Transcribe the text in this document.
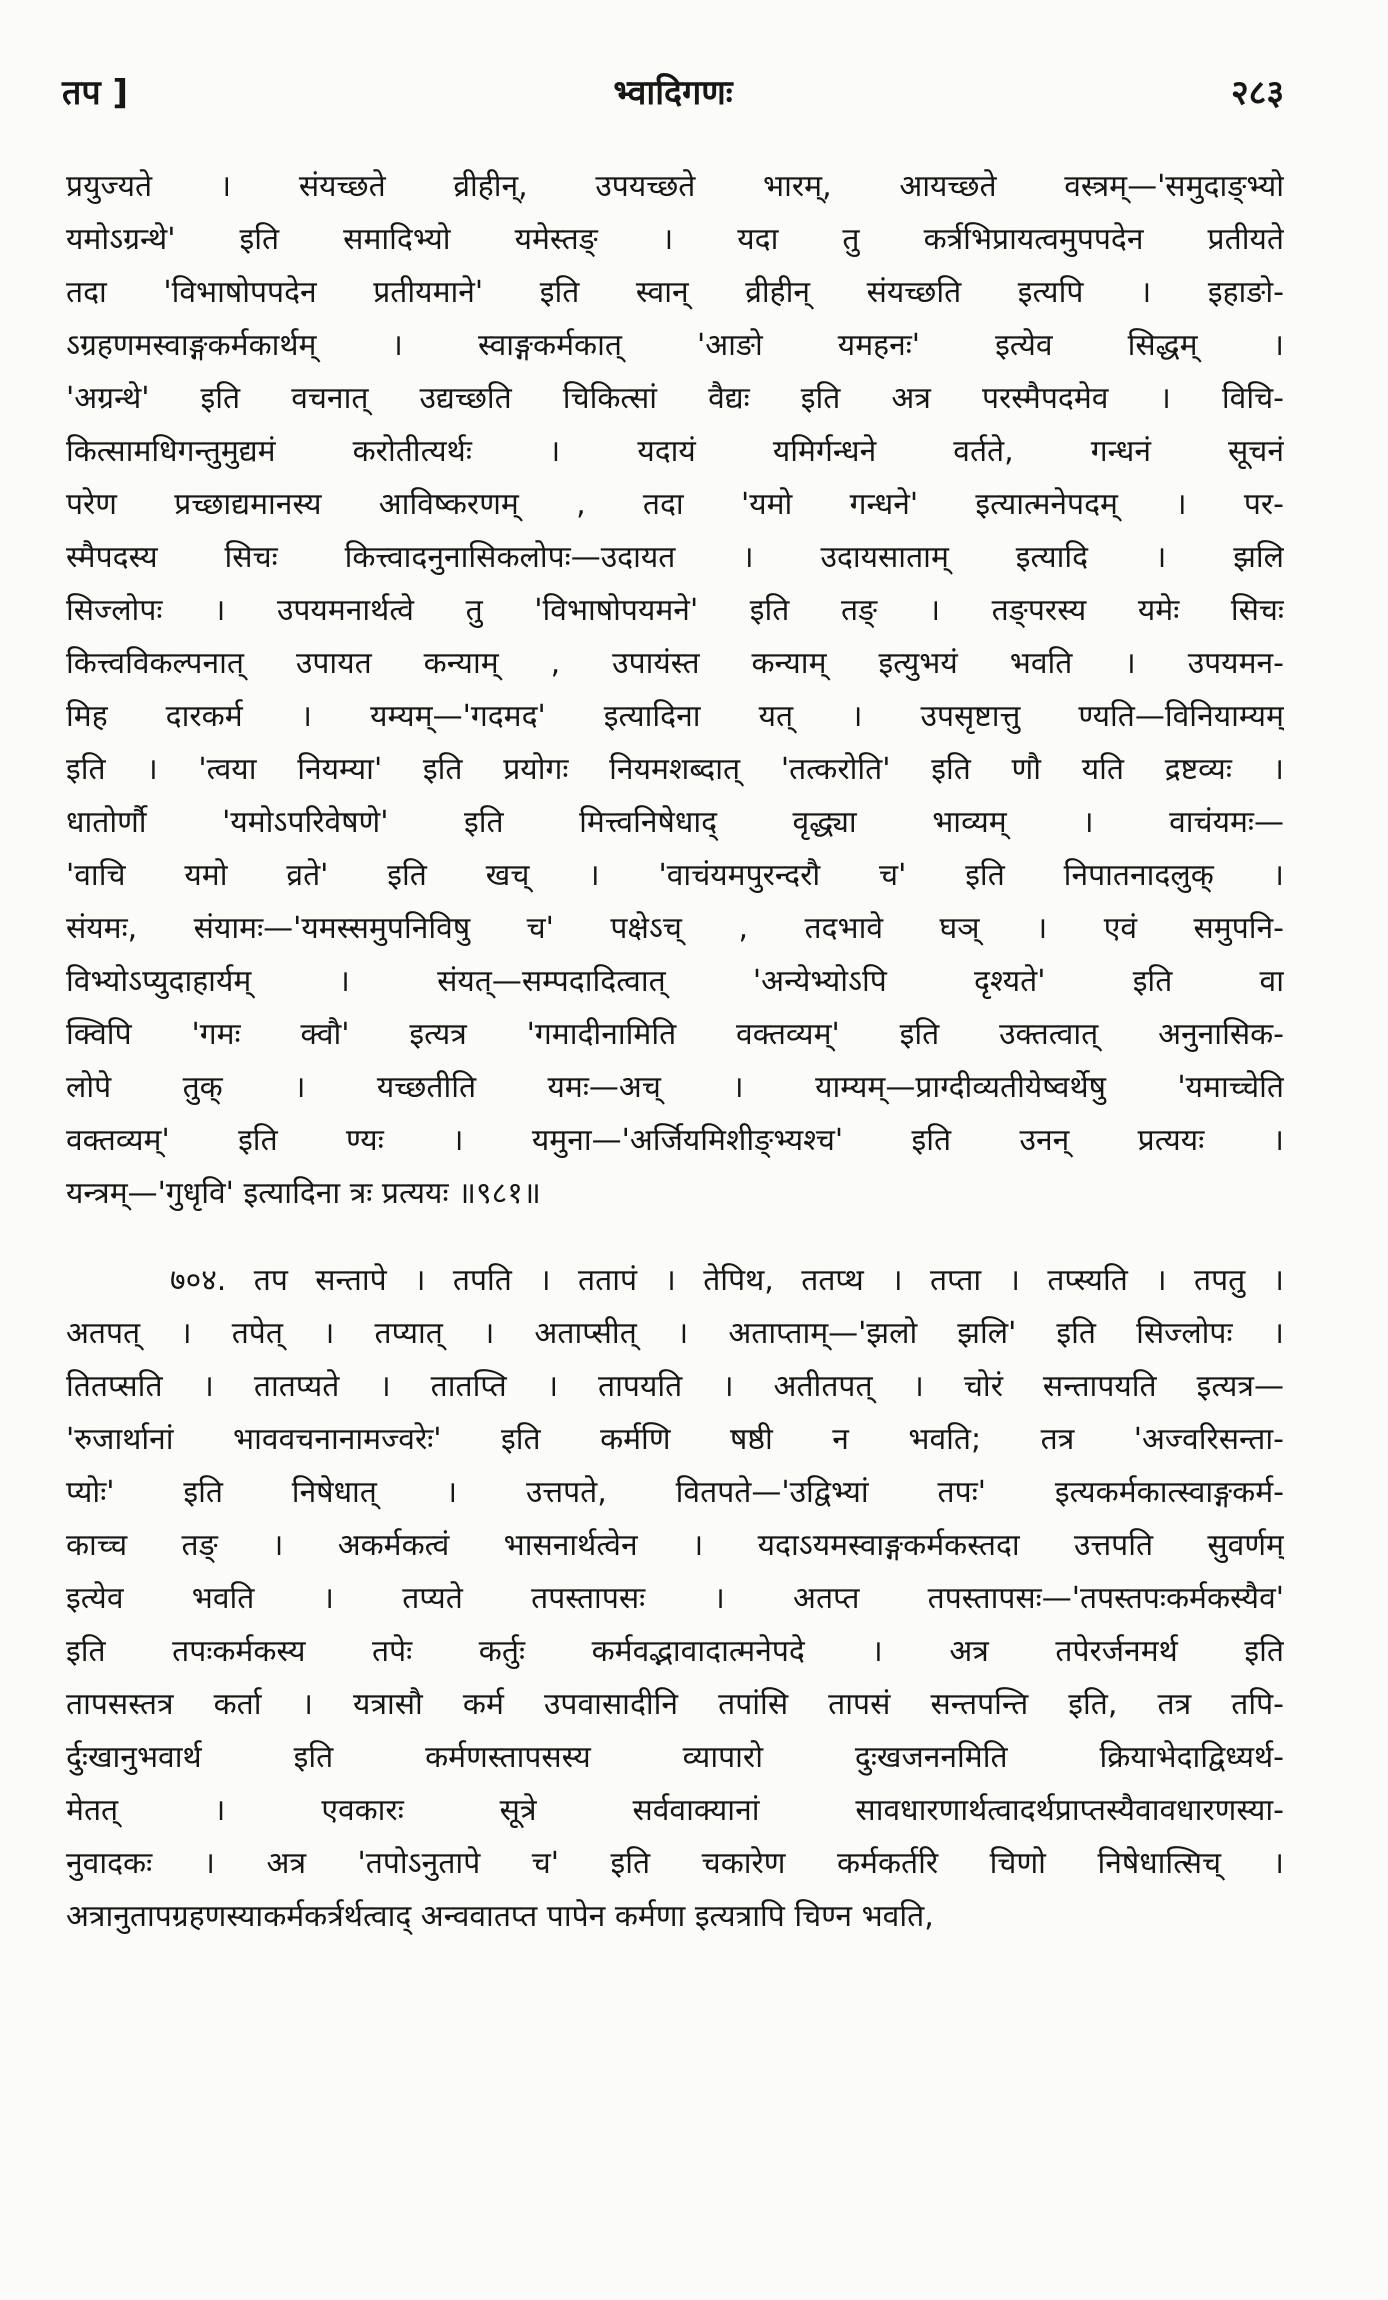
तप ]	भ्वादिगणः	२८३
प्रयुज्यते । संयच्छते व्रीहीन्, उपयच्छते भारम्, आयच्छते वस्त्रम्—'समुदाङ्भ्यो
यमोऽग्रन्थे' इति समादिभ्यो यमेस्तङ् । यदा तु कर्त्रभिप्रायत्वमुपपदेन प्रतीयते
तदा 'विभाषोपपदेन प्रतीयमाने' इति स्वान् व्रीहीन् संयच्छति इत्यपि । इहाङो-
ऽग्रहणमस्वाङ्गकर्मकार्थम् । स्वाङ्गकर्मकात् 'आङो यमहनः' इत्येव सिद्धम् ।
'अग्रन्थे' इति वचनात् उद्यच्छति चिकित्सां वैद्यः इति अत्र परस्मैपदमेव । विचि-
कित्सामधिगन्तुमुद्यमं करोतीत्यर्थः । यदायं यमिर्गन्धने वर्तते, गन्धनं सूचनं
परेण प्रच्छाद्यमानस्य आविष्करणम् , तदा 'यमो गन्धने' इत्यात्मनेपदम् । पर-
स्मैपदस्य सिचः कित्त्वादनुनासिकलोपः—उदायत । उदायसाताम् इत्यादि । झलि
सिज्लोपः । उपयमनार्थत्वे तु 'विभाषोपयमने' इति तङ् । तङ्परस्य यमेः सिचः
कित्त्वविकल्पनात् उपायत कन्याम् , उपायंस्त कन्याम् इत्युभयं भवति । उपयमन-
मिह दारकर्म । यम्यम्—'गदमद' इत्यादिना यत् । उपसृष्टात्तु ण्यति—विनियाम्यम्
इति । 'त्वया नियम्या' इति प्रयोगः नियमशब्दात् 'तत्करोति' इति णौ यति द्रष्टव्यः ।
धातोर्णौ 'यमोऽपरिवेषणे' इति मित्त्वनिषेधाद् वृद्ध्या भाव्यम् । वाचंयमः—
'वाचि यमो व्रते' इति खच् । 'वाचंयमपुरन्दरौ च' इति निपातनादलुक् ।
संयमः, संयामः—'यमस्समुपनिविषु च' पक्षेऽच् , तदभावे घञ् । एवं समुपनि-
विभ्योऽप्युदाहार्यम् । संयत्—सम्पदादित्वात् 'अन्येभ्योऽपि दृश्यते' इति वा
क्विपि 'गमः क्वौ' इत्यत्र 'गमादीनामिति वक्तव्यम्' इति उक्तत्वात् अनुनासिक-
लोपे तुक् । यच्छतीति यमः—अच् । याम्यम्—प्राग्दीव्यतीयेष्वर्थेषु 'यमाच्चेति
वक्तव्यम्' इति ण्यः । यमुना—'अर्जियमिशीङ्भ्यश्च' इति उनन् प्रत्ययः ।
यन्त्रम्—'गुधृवि' इत्यादिना त्रः प्रत्ययः ॥९८१॥
७०४. तप सन्तापे । तपति । ततापं । तेपिथ, ततप्थ । तप्ता । तप्स्यति । तपतु ।
अतपत् । तपेत् । तप्यात् । अताप्सीत् । अताप्ताम्—'झलो झलि' इति सिज्लोपः ।
तितप्सति । तातप्यते । तातप्ति । तापयति । अतीतपत् । चोरं सन्तापयति इत्यत्र—
'रुजार्थानां भाववचनानामज्वरेः' इति कर्मणि षष्ठी न भवति; तत्र 'अज्वरिसन्ता-
प्योः' इति निषेधात् । उत्तपते, वितपते—'उद्विभ्यां तपः' इत्यकर्मकात्स्वाङ्गकर्म-
काच्च तङ् । अकर्मकत्वं भासनार्थत्वेन । यदाऽयमस्वाङ्गकर्मकस्तदा उत्तपति सुवर्णम्
इत्येव भवति । तप्यते तपस्तापसः । अतप्त तपस्तापसः—'तपस्तपःकर्मकस्यैव'
इति तपःकर्मकस्य तपेः कर्तुः कर्मवद्भावादात्मनेपदे । अत्र तपेरर्जनमर्थ इति
तापसस्तत्र कर्ता । यत्रासौ कर्म उपवासादीनि तपांसि तापसं सन्तपन्ति इति, तत्र तपि-
र्दुःखानुभवार्थ इति कर्मणस्तापसस्य व्यापारो दुःखजननमिति क्रियाभेदाद्विध्यर्थ-
मेतत् । एवकारः सूत्रे सर्ववाक्यानां सावधारणार्थत्वादर्थप्राप्तस्यैवावधारणस्या-
नुवादकः । अत्र 'तपोऽनुतापे च' इति चकारेण कर्मकर्तरि चिणो निषेधात्सिच् ।
अत्रानुतापग्रहणस्याकर्मकर्त्रर्थत्वाद् अन्ववातप्त पापेन कर्मणा इत्यत्रापि चिण्न भवति,
